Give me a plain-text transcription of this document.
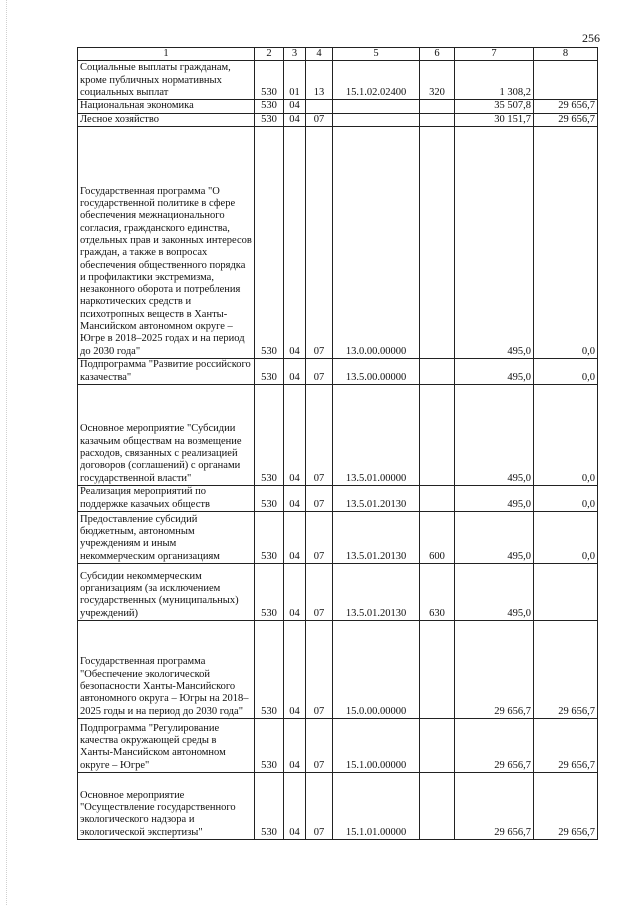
256
1	2	3	4	5	6	7	8
Социальные выплаты гражданам, кроме публичных нормативных социальных выплат	530	01	13	15.1.02.02400	320	1 308,2	
Национальная экономика	530	04				35 507,8	29 656,7
Лесное хозяйство	530	04	07			30 151,7	29 656,7
Государственная программа "О государственной политике в сфере обеспечения межнационального согласия, гражданского единства, отдельных прав и законных интересов граждан, а также в вопросах обеспечения общественного порядка и профилактики экстремизма, незаконного оборота и потребления наркотических средств и психотропных веществ в Ханты-Мансийском автономном округе – Югре в 2018–2025 годах и на период до 2030 года"	530	04	07	13.0.00.00000		495,0	0,0
Подпрограмма "Развитие российского казачества"	530	04	07	13.5.00.00000		495,0	0,0
Основное мероприятие "Субсидии казачьим обществам на возмещение расходов, связанных с реализацией договоров (соглашений) с органами государственной власти"	530	04	07	13.5.01.00000		495,0	0,0
Реализация мероприятий по поддержке казачьих обществ	530	04	07	13.5.01.20130		495,0	0,0
Предоставление субсидий бюджетным, автономным учреждениям и иным некоммерческим организациям	530	04	07	13.5.01.20130	600	495,0	0,0
Субсидии некоммерческим организациям (за исключением государственных (муниципальных) учреждений)	530	04	07	13.5.01.20130	630	495,0	
Государственная программа "Обеспечение экологической безопасности Ханты-Мансийского автономного округа – Югры на 2018–2025 годы и на период до 2030 года"	530	04	07	15.0.00.00000		29 656,7	29 656,7
Подпрограмма "Регулирование качества окружающей среды в Ханты-Мансийском автономном округе – Югре"	530	04	07	15.1.00.00000		29 656,7	29 656,7
Основное мероприятие "Осуществление государственного экологического надзора и экологической экспертизы"	530	04	07	15.1.01.00000		29 656,7	29 656,7
